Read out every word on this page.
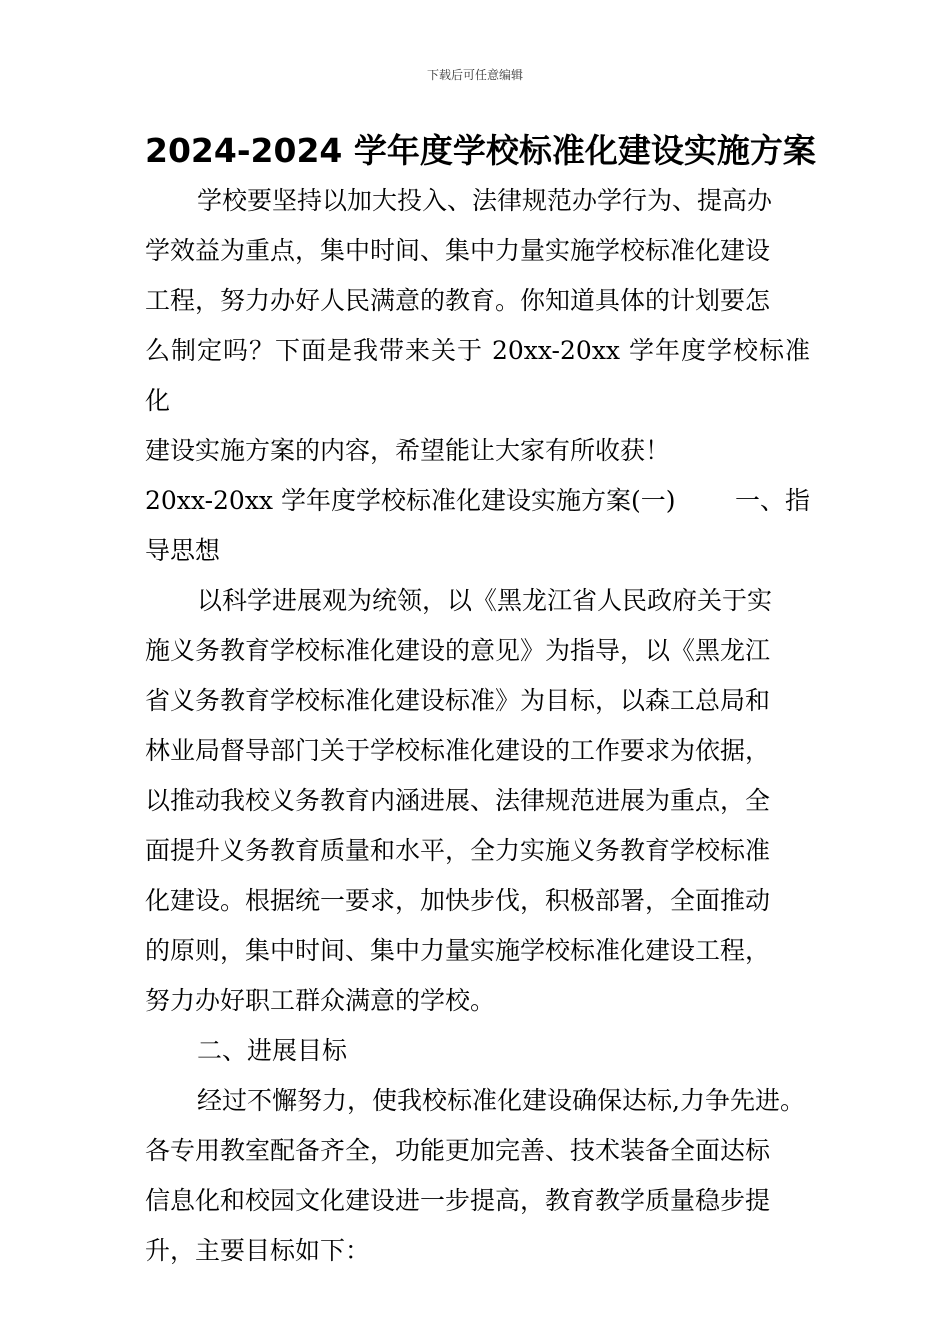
下载后可任意编辑
2024-2024 学年度学校标准化建设实施方案

学校要坚持以加大投入、法律规范办学行为、提高办

学效益为重点，集中时间、集中力量实施学校标准化建设

工程，努力办好人民满意的教育。你知道具体的计划要怎

么制定吗？下面是我带来关于 20xx-20xx 学年度学校标准化

建设实施方案的内容，希望能让大家有所收获！

20xx-20xx 学年度学校标准化建设实施方案(一) 一、指

导思想

以科学进展观为统领，以《黑龙江省人民政府关于实

施义务教育学校标准化建设的意见》为指导，以《黑龙江

省义务教育学校标准化建设标准》为目标，以森工总局和

林业局督导部门关于学校标准化建设的工作要求为依据，

以推动我校义务教育内涵进展、法律规范进展为重点，全

面提升义务教育质量和水平，全力实施义务教育学校标准

化建设。根据统一要求，加快步伐，积极部署，全面推动

的原则，集中时间、集中力量实施学校标准化建设工程，

努力办好职工群众满意的学校。

二、进展目标

经过不懈努力，使我校标准化建设确保达标,力争先进。

各专用教室配备齐全，功能更加完善、技术装备全面达标

信息化和校园文化建设进一步提高，教育教学质量稳步提

升，主要目标如下：
